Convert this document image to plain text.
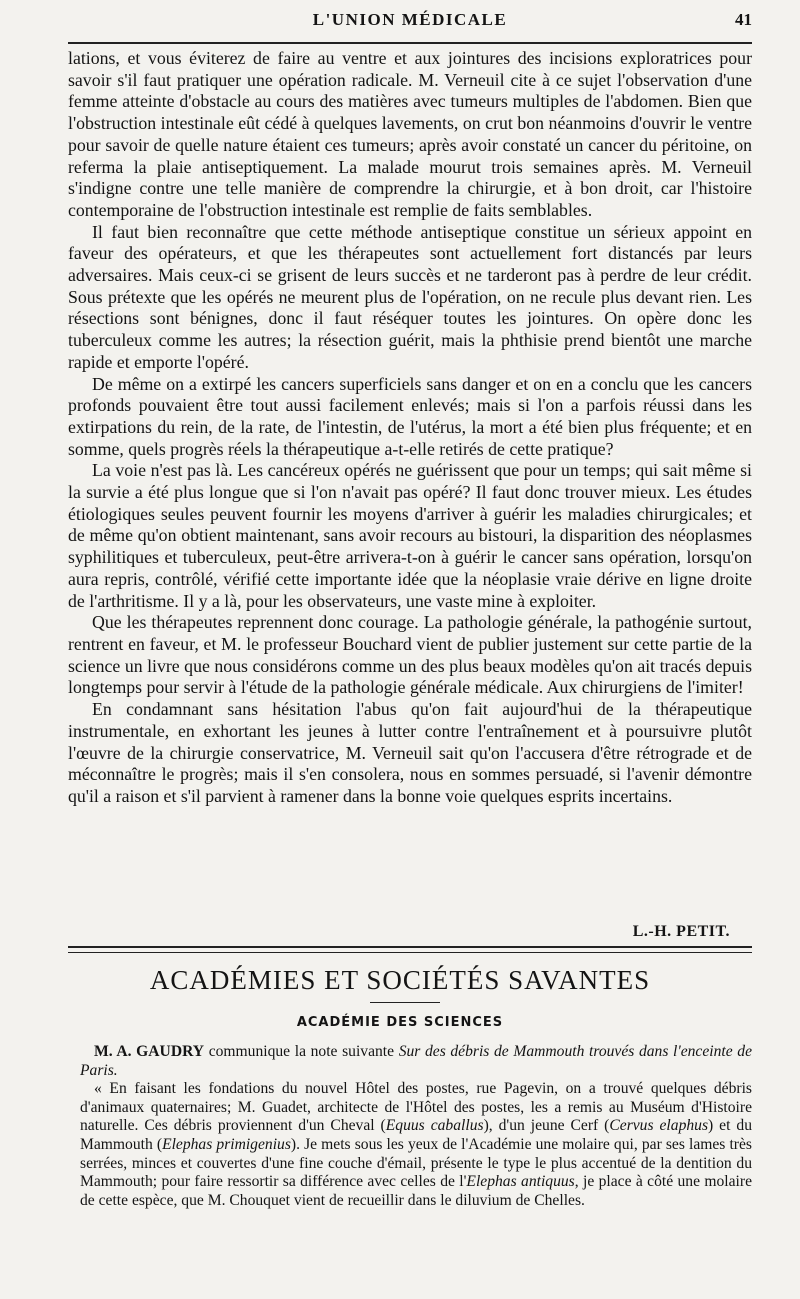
L'UNION MÉDICALE	41

lations, et vous éviterez de faire au ventre et aux jointures des incisions exploratrices pour savoir s'il faut pratiquer une opération radicale. M. Verneuil cite à ce sujet l'observation d'une femme atteinte d'obstacle au cours des matières avec tumeurs multiples de l'abdomen. Bien que l'obstruction intestinale eût cédé à quelques lavements, on crut bon néanmoins d'ouvrir le ventre pour savoir de quelle nature étaient ces tumeurs; après avoir constaté un cancer du péritoine, on referma la plaie antiseptiquement. La malade mourut trois semaines après. M. Verneuil s'indigne contre une telle manière de comprendre la chirurgie, et à bon droit, car l'histoire contemporaine de l'obstruction intestinale est remplie de faits semblables.

Il faut bien reconnaître que cette méthode antiseptique constitue un sérieux appoint en faveur des opérateurs, et que les thérapeutes sont actuellement fort distancés par leurs adversaires. Mais ceux-ci se grisent de leurs succès et ne tarderont pas à perdre de leur crédit. Sous prétexte que les opérés ne meurent plus de l'opération, on ne recule plus devant rien. Les résections sont bénignes, donc il faut réséquer toutes les jointures. On opère donc les tuberculeux comme les autres; la résection guérit, mais la phthisie prend bientôt une marche rapide et emporte l'opéré.

De même on a extirpé les cancers superficiels sans danger et on en a conclu que les cancers profonds pouvaient être tout aussi facilement enlevés; mais si l'on a parfois réussi dans les extirpations du rein, de la rate, de l'intestin, de l'utérus, la mort a été bien plus fréquente; et en somme, quels progrès réels la thérapeutique a-t-elle retirés de cette pratique?

La voie n'est pas là. Les cancéreux opérés ne guérissent que pour un temps; qui sait même si la survie a été plus longue que si l'on n'avait pas opéré? Il faut donc trouver mieux. Les études étiologiques seules peuvent fournir les moyens d'arriver à guérir les maladies chirurgicales; et de même qu'on obtient maintenant, sans avoir recours au bistouri, la disparition des néoplasmes syphilitiques et tuberculeux, peut-être arrivera-t-on à guérir le cancer sans opération, lorsqu'on aura repris, contrôlé, vérifié cette importante idée que la néoplasie vraie dérive en ligne droite de l'arthritisme. Il y a là, pour les observateurs, une vaste mine à exploiter.

Que les thérapeutes reprennent donc courage. La pathologie générale, la pathogénie surtout, rentrent en faveur, et M. le professeur Bouchard vient de publier justement sur cette partie de la science un livre que nous considérons comme un des plus beaux modèles qu'on ait tracés depuis longtemps pour servir à l'étude de la pathologie générale médicale. Aux chirurgiens de l'imiter!

En condamnant sans hésitation l'abus qu'on fait aujourd'hui de la thérapeutique instrumentale, en exhortant les jeunes à lutter contre l'entraînement et à poursuivre plutôt l'œuvre de la chirurgie conservatrice, M. Verneuil sait qu'on l'accusera d'être rétrograde et de méconnaître le progrès; mais il s'en consolera, nous en sommes persuadé, si l'avenir démontre qu'il a raison et s'il parvient à ramener dans la bonne voie quelques esprits incertains.

L.-H. PETIT.
ACADÉMIES ET SOCIÉTÉS SAVANTES
ACADÉMIE DES SCIENCES

M. A. GAUDRY communique la note suivante Sur des débris de Mammouth trouvés dans l'enceinte de Paris.

« En faisant les fondations du nouvel Hôtel des postes, rue Pagevin, on a trouvé quelques débris d'animaux quaternaires; M. Guadet, architecte de l'Hôtel des postes, les a remis au Muséum d'Histoire naturelle. Ces débris proviennent d'un Cheval (Equus caballus), d'un jeune Cerf (Cervus elaphus) et du Mammouth (Elephas primigenius). Je mets sous les yeux de l'Académie une molaire qui, par ses lames très serrées, minces et couvertes d'une fine couche d'émail, présente le type le plus accentué de la dentition du Mammouth; pour faire ressortir sa différence avec celles de l'Elephas antiquus, je place à côté une molaire de cette espèce, que M. Chouquet vient de recueillir dans le diluvium de Chelles.
